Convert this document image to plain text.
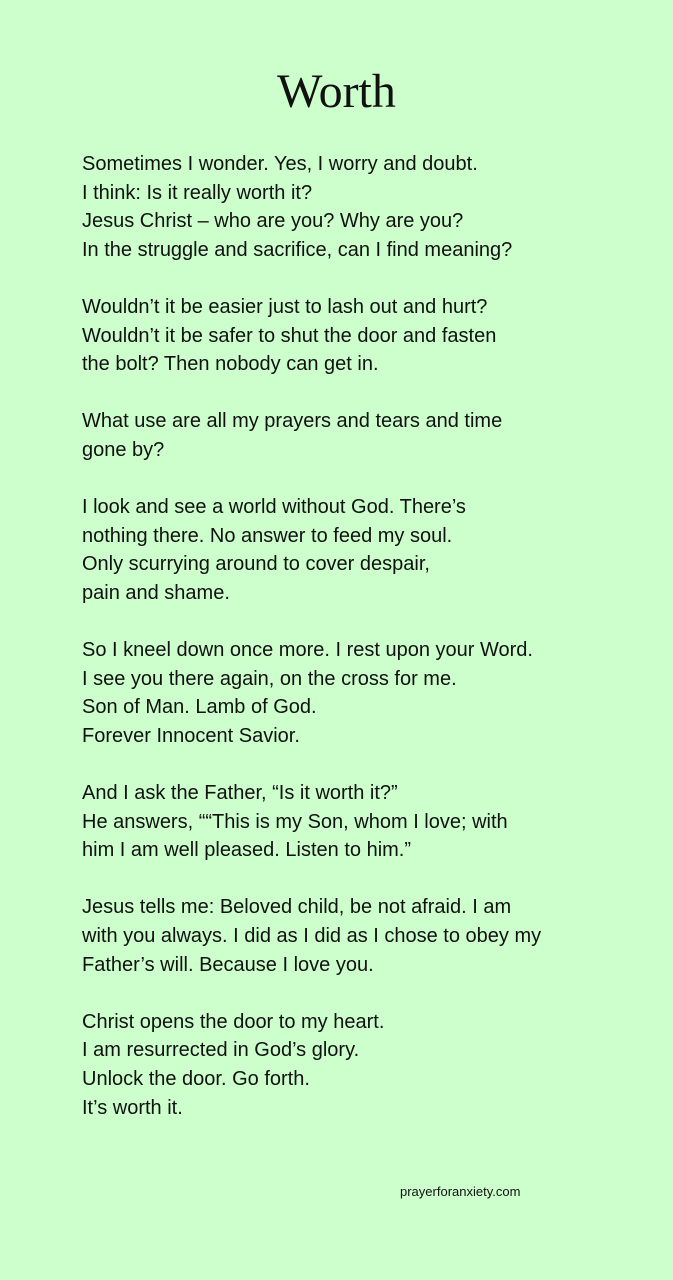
Worth
Sometimes I wonder. Yes, I worry and doubt.
I think: Is it really worth it?
Jesus Christ – who are you? Why are you?
In the struggle and sacrifice, can I find meaning?
Wouldn’t it be easier just to lash out and hurt?
Wouldn’t it be safer to shut the door and fasten
the bolt? Then nobody can get in.
What use are all my prayers and tears and time
gone by?
I look and see a world without God. There’s
nothing there. No answer to feed my soul.
Only scurrying around to cover despair,
pain and shame.
So I kneel down once more. I rest upon your Word.
I see you there again, on the cross for me.
Son of Man. Lamb of God.
Forever Innocent Savior.
And I ask the Father, “Is it worth it?”
He answers, ““This is my Son, whom I love; with
him I am well pleased. Listen to him.”
Jesus tells me: Beloved child, be not afraid. I am
with you always. I did as I did as I chose to obey my
Father’s will. Because I love you.
Christ opens the door to my heart.
I am resurrected in God’s glory.
Unlock the door. Go forth.
It’s worth it.
prayerforanxiety.com
